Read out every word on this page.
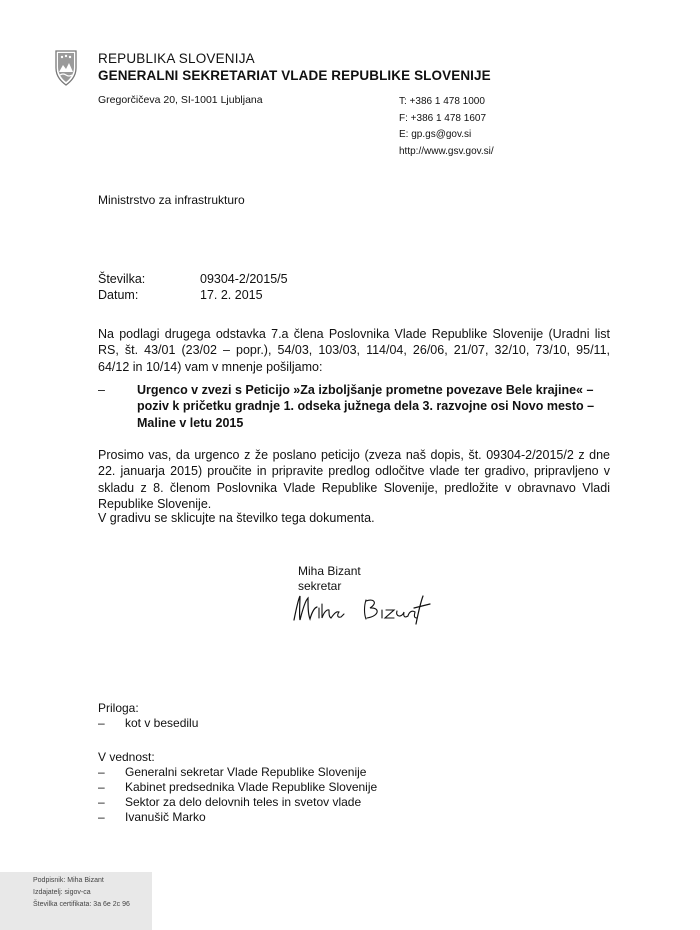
REPUBLIKA SLOVENIJA
GENERALNI SEKRETARIAT VLADE REPUBLIKE SLOVENIJE
Gregorčičeva 20, SI-1001 Ljubljana	T: +386 1 478 1000
F: +386 1 478 1607
E: gp.gs@gov.si
http://www.gsv.gov.si/
Ministrstvo za infrastrukturo
Številka:	09304-2/2015/5
Datum:	17. 2. 2015
Na podlagi drugega odstavka 7.a člena Poslovnika Vlade Republike Slovenije (Uradni list RS, št. 43/01 (23/02 – popr.), 54/03, 103/03, 114/04, 26/06, 21/07, 32/10, 73/10, 95/11, 64/12 in 10/14) vam v mnenje pošiljamo:
–	Urgenco v zvezi s Peticijo »Za izboljšanje prometne povezave Bele krajine« – poziv k pričetku gradnje 1. odseka južnega dela 3. razvojne osi Novo mesto – Maline v letu 2015
Prosimo vas, da urgenco z že poslano peticijo (zveza naš dopis, št. 09304-2/2015/2 z dne 22. januarja 2015) proučite in pripravite predlog odločitve vlade ter gradivo, pripravljeno v skladu z 8. členom Poslovnika Vlade Republike Slovenije, predložite v obravnavo Vladi Republike Slovenije.
V gradivu se sklicujte na številko tega dokumenta.
Miha Bizant
sekretar
Priloga:
–	kot v besedilu
V vednost:
–	Generalni sekretar Vlade Republike Slovenije
–	Kabinet predsednika Vlade Republike Slovenije
–	Sektor za delo delovnih teles in svetov vlade
–	Ivanušič Marko
Podpisnik: Miha Bizant
Izdajatelj: sigov-ca
Številka certifikata: 3a 6e 2c 96
